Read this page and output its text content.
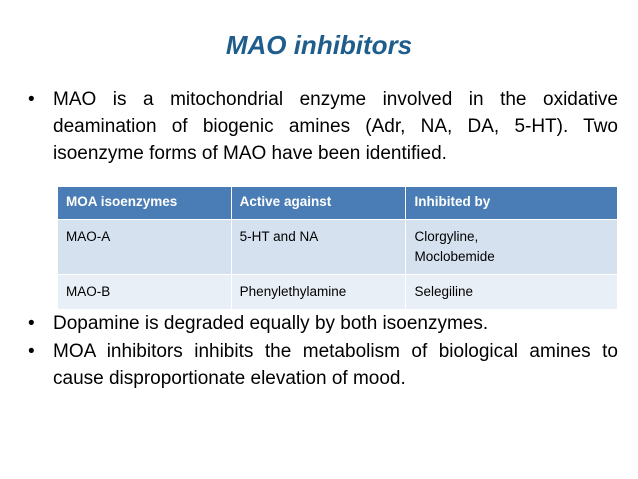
MAO inhibitors
• MAO is a mitochondrial enzyme involved in the oxidative deamination of biogenic amines (Adr, NA, DA, 5-HT). Two isoenzyme forms of MAO have been identified.
MOA isoenzymes	Active against	Inhibited by
MAO-A	5-HT and NA	Clorgyline,
Moclobemide

MAO-B	Phenylethylamine	Selegiline
• Dopamine is degraded equally by both isoenzymes.
• MOA inhibitors inhibits the metabolism of biological amines to cause disproportionate elevation of mood.
